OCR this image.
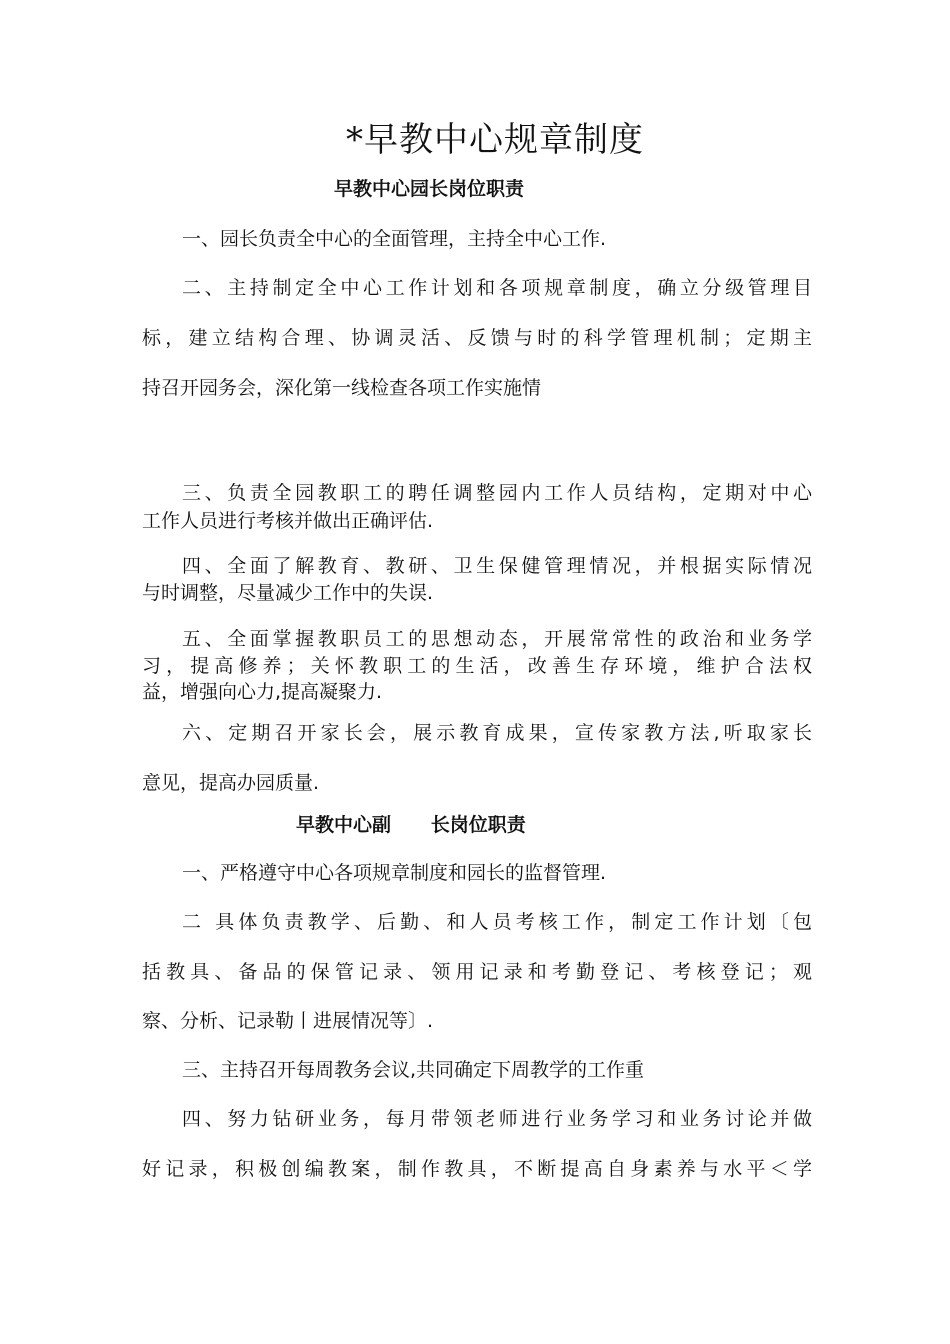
*早教中心规章制度
早教中心园长岗位职责
一、园长负责全中心的全面管理，主持全中心工作.
二、主持制定全中心工作计划和各项规章制度，确立分级管理目
标，建立结构合理、协调灵活、反馈与时的科学管理机制；定期主
持召开园务会，深化第一线检查各项工作实施情
三、负责全园教职工的聘任调整园内工作人员结构，定期对中心
工作人员进行考核并做出正确评估.
四、全面了解教育、教研、卫生保健管理情况，并根据实际情况
与时调整，尽量减少工作中的失误.
五、全面掌握教职员工的思想动态，开展常常性的政治和业务学
习，提高修养；关怀教职工的生活，改善生存环境，维护合法权
益，增强向心力,提高凝聚力.
六、定期召开家长会，展示教育成果，宣传家教方法,听取家长
意见，提高办园质量.
早教中心副      长岗位职责
一、严格遵守中心各项规章制度和园长的监督管理.
二 具体负责教学、后勤、和人员考核工作，制定工作计划〔包
括教具、备品的保管记录、领用记录和考勤登记、考核登记；观
察、分析、记录勒丨进展情况等〕.
三、主持召开每周教务会议,共同确定下周教学的工作重
四、努力钻研业务，每月带领老师进行业务学习和业务讨论并做
好记录，积极创编教案，制作教具，不断提高自身素养与水平＜学
